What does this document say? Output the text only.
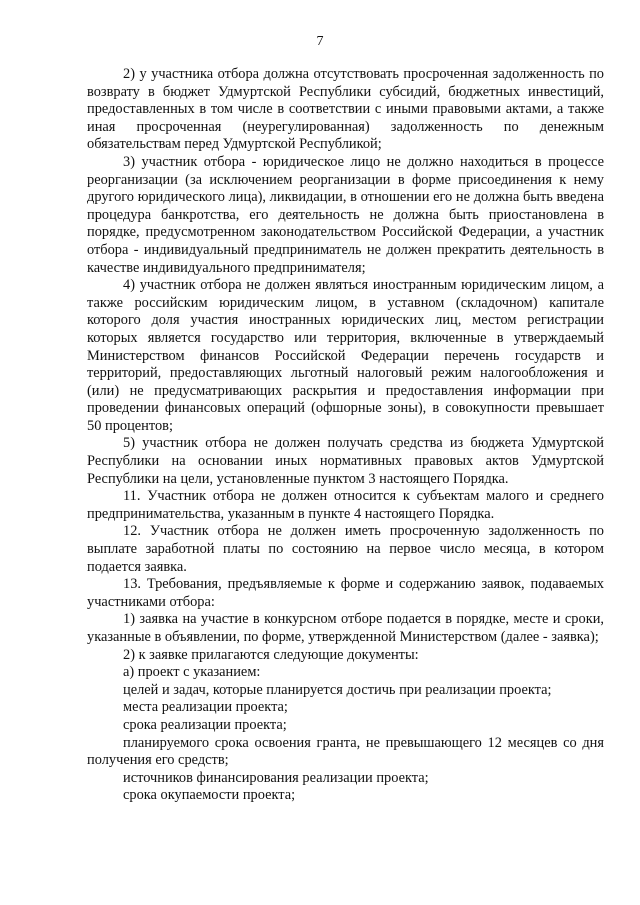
7

2) у участника отбора должна отсутствовать просроченная задолженность по возврату в бюджет Удмуртской Республики субсидий, бюджетных инвестиций, предоставленных в том числе в соответствии с иными правовыми актами, а также иная просроченная (неурегулированная) задолженность по денежным обязательствам перед Удмуртской Республикой;

3) участник отбора - юридическое лицо не должно находиться в процессе реорганизации (за исключением реорганизации в форме присоединения к нему другого юридического лица), ликвидации, в отношении его не должна быть введена процедура банкротства, его деятельность не должна быть приостановлена в порядке, предусмотренном законодательством Российской Федерации, а участник отбора - индивидуальный предприниматель не должен прекратить деятельность в качестве индивидуального предпринимателя;

4) участник отбора не должен являться иностранным юридическим лицом, а также российским юридическим лицом, в уставном (складочном) капитале которого доля участия иностранных юридических лиц, местом регистрации которых является государство или территория, включенные в утверждаемый Министерством финансов Российской Федерации перечень государств и территорий, предоставляющих льготный налоговый режим налогообложения и (или) не предусматривающих раскрытия и предоставления информации при проведении финансовых операций (офшорные зоны), в совокупности превышает 50 процентов;

5) участник отбора не должен получать средства из бюджета Удмуртской Республики на основании иных нормативных правовых актов Удмуртской Республики на цели, установленные пунктом 3 настоящего Порядка.

11. Участник отбора не должен относится к субъектам малого и среднего предпринимательства, указанным в пункте 4 настоящего Порядка.

12. Участник отбора не должен иметь просроченную задолженность по выплате заработной платы по состоянию на первое число месяца, в котором подается заявка.

13. Требования, предъявляемые к форме и содержанию заявок, подаваемых участниками отбора:

1) заявка на участие в конкурсном отборе подается в порядке, месте и сроки, указанные в объявлении, по форме, утвержденной Министерством (далее - заявка);

2) к заявке прилагаются следующие документы:

а) проект с указанием:

целей и задач, которые планируется достичь при реализации проекта;

места реализации проекта;

срока реализации проекта;

планируемого срока освоения гранта, не превышающего 12 месяцев со дня получения его средств;

источников финансирования реализации проекта;

срока окупаемости проекта;
